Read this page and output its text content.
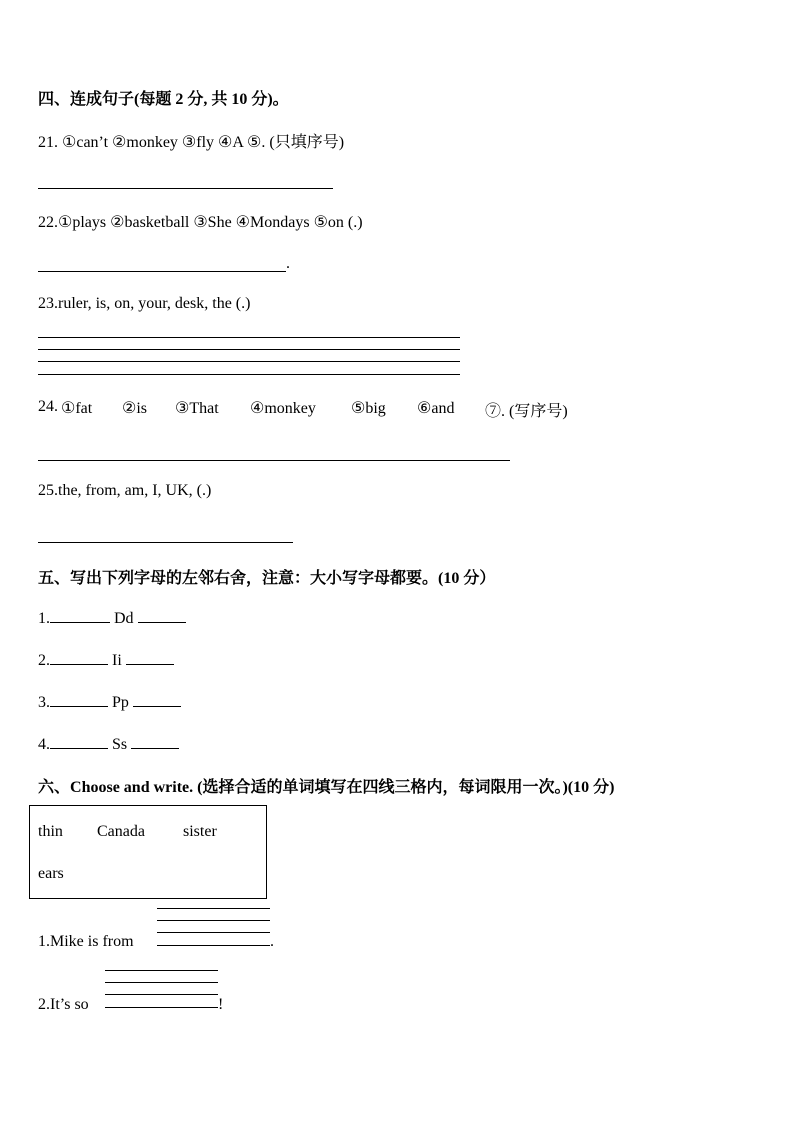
四、连成句子(每题 2 分, 共 10 分)。
21. ①can’t ②monkey ③fly ④A ⑤. (只填序号)
22.①plays ②basketball ③She ④Mondays ⑤on (.)
.
23.ruler, is, on, your, desk, the (.)
24. ①fat ②is ③That ④monkey ⑤big ⑥and ⑦. (写序号)
25.the, from, am, I, UK, (.)
五、写出下列字母的左邻右舍，注意：大小写字母都要。(10 分）
1.	Dd
2.	Ii
3.	Pp
4.	Ss
六、Choose and write. (选择合适的单词填写在四线三格内，每词限用一次。)(10 分)
thin Canada sister
ears
1.Mike is from	.
2.It’s so	!
